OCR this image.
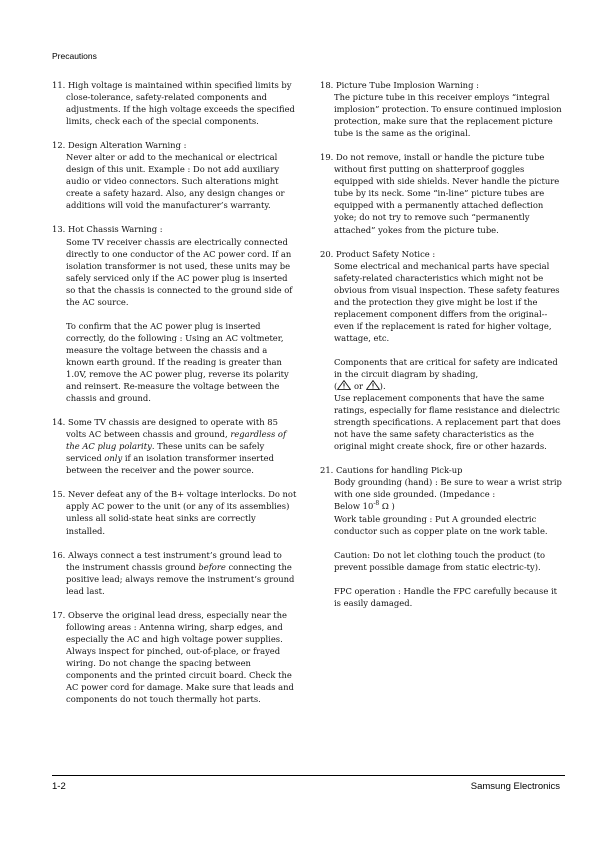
Precautions
11. High voltage is maintained within specified limits by close-tolerance, safety-related components and adjustments. If the high voltage exceeds the specified limits, check each of the special components.
12. Design Alteration Warning :

Never alter or add to the mechanical or electrical design of this unit. Example : Do not add auxiliary audio or video connectors. Such alterations might create a safety hazard. Also, any design changes or additions will void the manufacturer’s warranty.

13. Hot Chassis Warning :

Some TV receiver chassis are electrically connected directly to one conductor of the AC power cord. If an isolation transformer is not used, these units may be safely serviced only if the AC power plug is inserted so that the chassis is connected to the ground side of the AC source.

To confirm that the AC power plug is inserted correctly, do the following : Using an AC voltmeter, measure the voltage between the chassis and a known earth ground. If the reading is greater than 1.0V, remove the AC power plug, reverse its polarity and reinsert. Re-measure the voltage between the chassis and ground.

14. Some TV chassis are designed to operate with 85 volts AC between chassis and ground, regardless of the AC plug polarity. These units can be safely serviced only if an isolation transformer inserted between the receiver and the power source.
15. Never defeat any of the B+ voltage interlocks. Do not apply AC power to the unit (or any of its assemblies) unless all solid-state heat sinks are correctly installed.
16. Always connect a test instrument’s ground lead to the instrument chassis ground before connecting the positive lead; always remove the instrument’s ground lead last.
17. Observe the original lead dress, especially near the following areas : Antenna wiring, sharp edges, and especially the AC and high voltage power supplies. Always inspect for pinched, out-of-place, or frayed wiring. Do not change the spacing between components and the printed circuit board. Check the AC power cord for damage. Make sure that leads and components do not touch thermally hot parts.
18. Picture Tube Implosion Warning :

The picture tube in this receiver employs “integral implosion” protection. To ensure continued implosion protection, make sure that the replacement picture tube is the same as the original.

19. Do not remove, install or handle the picture tube without first putting on shatterproof goggles equipped with side shields. Never handle the picture tube by its neck. Some “in-line” picture tubes are equipped with a permanently attached deflection yoke; do not try to remove such “permanently attached” yokes from the picture tube.
20. Product Safety Notice :

Some electrical and mechanical parts have special safety-related characteristics which might not be obvious from visual inspection. These safety features and the protection they give might be lost if the replacement component differs from the original--even if the replacement is rated for higher voltage, wattage, etc.

Components that are critical for safety are indicated in the circuit diagram by shading,

( or ).

Use replacement components that have the same ratings, especially for flame resistance and dielectric strength specifications. A replacement part that does not have the same safety characteristics as the original might create shock, fire or other hazards.

21. Cautions for handling Pick-up

Body grounding (hand) : Be sure to wear a wrist strip with one side grounded. (Impedance :

Below $10^{-8}$ Ω )

Work table grounding : Put A grounded electric conductor such as copper plate on tne work table.

Caution: Do not let clothing touch the product (to prevent possible damage from static electric-ty).

FPC operation : Handle the FPC carefully because it is easily damaged.

1-2	Samsung Electronics
